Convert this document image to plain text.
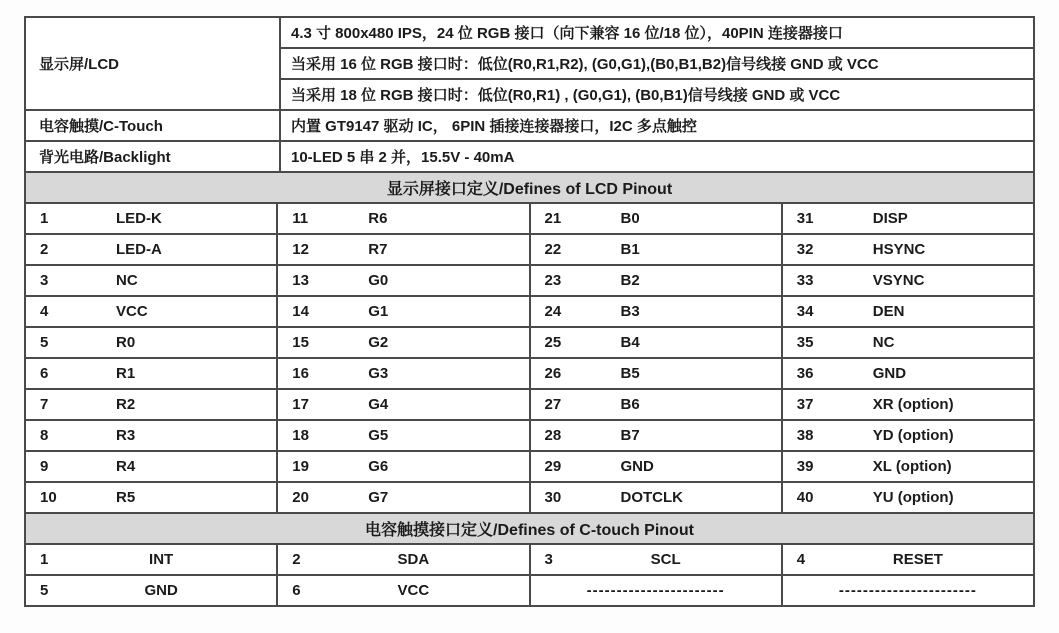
显示屏/LCD
4.3 寸 800x480 IPS，24 位 RGB 接口（向下兼容 16 位/18 位），40PIN 连接器接口
当采用 16 位 RGB 接口时：低位(R0,R1,R2), (G0,G1),(B0,B1,B2)信号线接 GND 或 VCC
当采用 18 位 RGB 接口时：低位(R0,R1) , (G0,G1), (B0,B1)信号线接 GND 或 VCC
电容触摸/C-Touch	内置 GT9147 驱动 IC， 6PIN 插接连接器接口，I2C 多点触控
背光电路/Backlight	10-LED 5 串 2 并，15.5V - 40mA
显示屏接口定义/Defines of LCD Pinout
1	LED-K	11	R6	21	B0	31	DISP
2	LED-A	12	R7	22	B1	32	HSYNC
3	NC	13	G0	23	B2	33	VSYNC
4	VCC	14	G1	24	B3	34	DEN
5	R0	15	G2	25	B4	35	NC
6	R1	16	G3	26	B5	36	GND
7	R2	17	G4	27	B6	37	XR (option)
8	R3	18	G5	28	B7	38	YD (option)
9	R4	19	G6	29	GND	39	XL (option)
10	R5	20	G7	30	DOTCLK	40	YU (option)
电容触摸接口定义/Defines of C-touch Pinout
1	INT	2	SDA	3	SCL	4	RESET
5	GND	6	VCC	-----------------------	-----------------------
